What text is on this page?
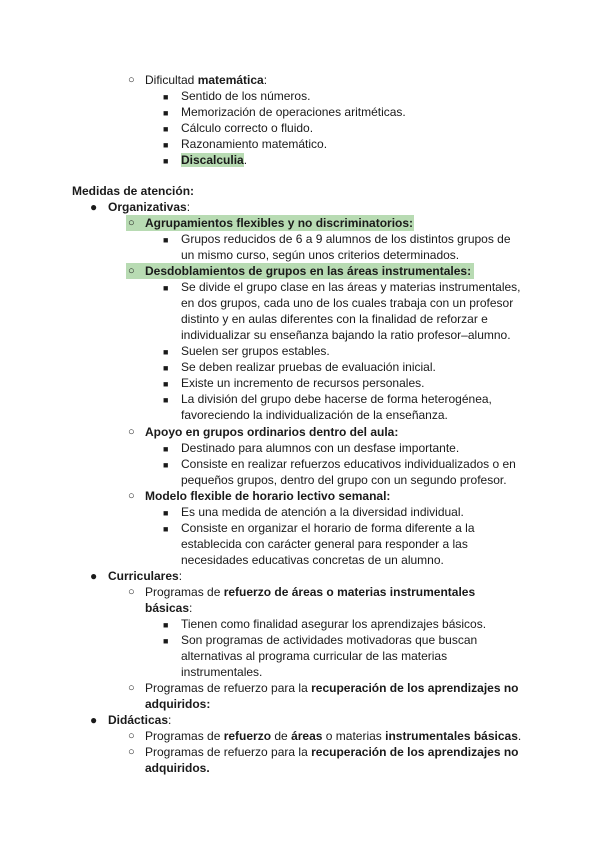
○ Dificultad matemática:
■ Sentido de los números.
■ Memorización de operaciones aritméticas.
■ Cálculo correcto o fluido.
■ Razonamiento matemático.
■ Discalculia.
Medidas de atención:
● Organizativas:
○ Agrupamientos flexibles y no discriminatorios:
■ Grupos reducidos de 6 a 9 alumnos de los distintos grupos de
un mismo curso, según unos criterios determinados.
○ Desdoblamientos de grupos en las áreas instrumentales:
■ Se divide el grupo clase en las áreas y materias instrumentales,
en dos grupos, cada uno de los cuales trabaja con un profesor
distinto y en aulas diferentes con la finalidad de reforzar e
individualizar su enseñanza bajando la ratio profesor–alumno.
■ Suelen ser grupos estables.
■ Se deben realizar pruebas de evaluación inicial.
■ Existe un incremento de recursos personales.
■ La división del grupo debe hacerse de forma heterogénea,
favoreciendo la individualización de la enseñanza.
○ Apoyo en grupos ordinarios dentro del aula:
■ Destinado para alumnos con un desfase importante.
■ Consiste en realizar refuerzos educativos individualizados o en
pequeños grupos, dentro del grupo con un segundo profesor.
○ Modelo flexible de horario lectivo semanal:
■ Es una medida de atención a la diversidad individual.
■ Consiste en organizar el horario de forma diferente a la
establecida con carácter general para responder a las
necesidades educativas concretas de un alumno.
● Curriculares:
○ Programas de refuerzo de áreas o materias instrumentales
básicas:
■ Tienen como finalidad asegurar los aprendizajes básicos.
■ Son programas de actividades motivadoras que buscan
alternativas al programa curricular de las materias
instrumentales.
○ Programas de refuerzo para la recuperación de los aprendizajes no
adquiridos:
● Didácticas:
○ Programas de refuerzo de áreas o materias instrumentales básicas.
○ Programas de refuerzo para la recuperación de los aprendizajes no
adquiridos.
